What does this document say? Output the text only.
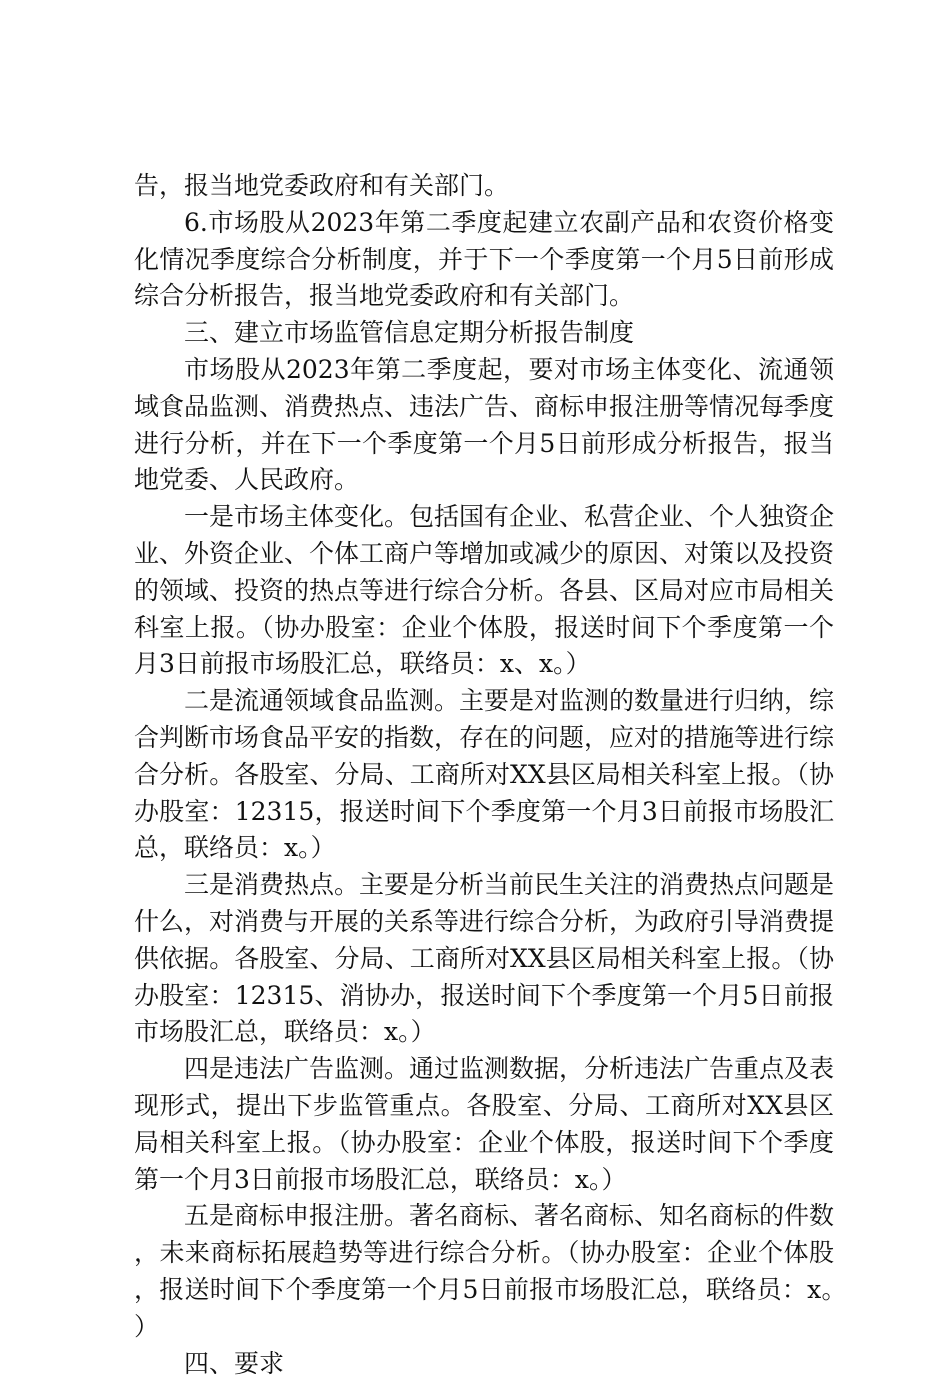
告，报当地党委政府和有关部门。

6.市场股从2023年第二季度起建立农副产品和农资价格变化情况季度综合分析制度，并于下一个季度第一个月5日前形成综合分析报告，报当地党委政府和有关部门。

三、建立市场监管信息定期分析报告制度

市场股从2023年第二季度起，要对市场主体变化、流通领域食品监测、消费热点、违法广告、商标申报注册等情况每季度进行分析，并在下一个季度第一个月5日前形成分析报告，报当地党委、人民政府。

一是市场主体变化。包括国有企业、私营企业、个人独资企业、外资企业、个体工商户等增加或减少的原因、对策以及投资的领域、投资的热点等进行综合分析。各县、区局对应市局相关科室上报。（协办股室：企业个体股，报送时间下个季度第一个月3日前报市场股汇总，联络员：x、x。）

二是流通领域食品监测。主要是对监测的数量进行归纳，综合判断市场食品平安的指数，存在的问题，应对的措施等进行综合分析。各股室、分局、工商所对XX县区局相关科室上报。（协办股室：12315，报送时间下个季度第一个月3日前报市场股汇总，联络员：x。）

三是消费热点。主要是分析当前民生关注的消费热点问题是什么，对消费与开展的关系等进行综合分析，为政府引导消费提供依据。各股室、分局、工商所对XX县区局相关科室上报。（协办股室：12315、消协办，报送时间下个季度第一个月5日前报市场股汇总，联络员：x。）

四是违法广告监测。通过监测数据，分析违法广告重点及表现形式，提出下步监管重点。各股室、分局、工商所对XX县区局相关科室上报。（协办股室：企业个体股，报送时间下个季度第一个月3日前报市场股汇总，联络员：x。）

五是商标申报注册。著名商标、著名商标、知名商标的件数，未来商标拓展趋势等进行综合分析。（协办股室：企业个体股，报送时间下个季度第一个月5日前报市场股汇总，联络员：x。）

四、要求
